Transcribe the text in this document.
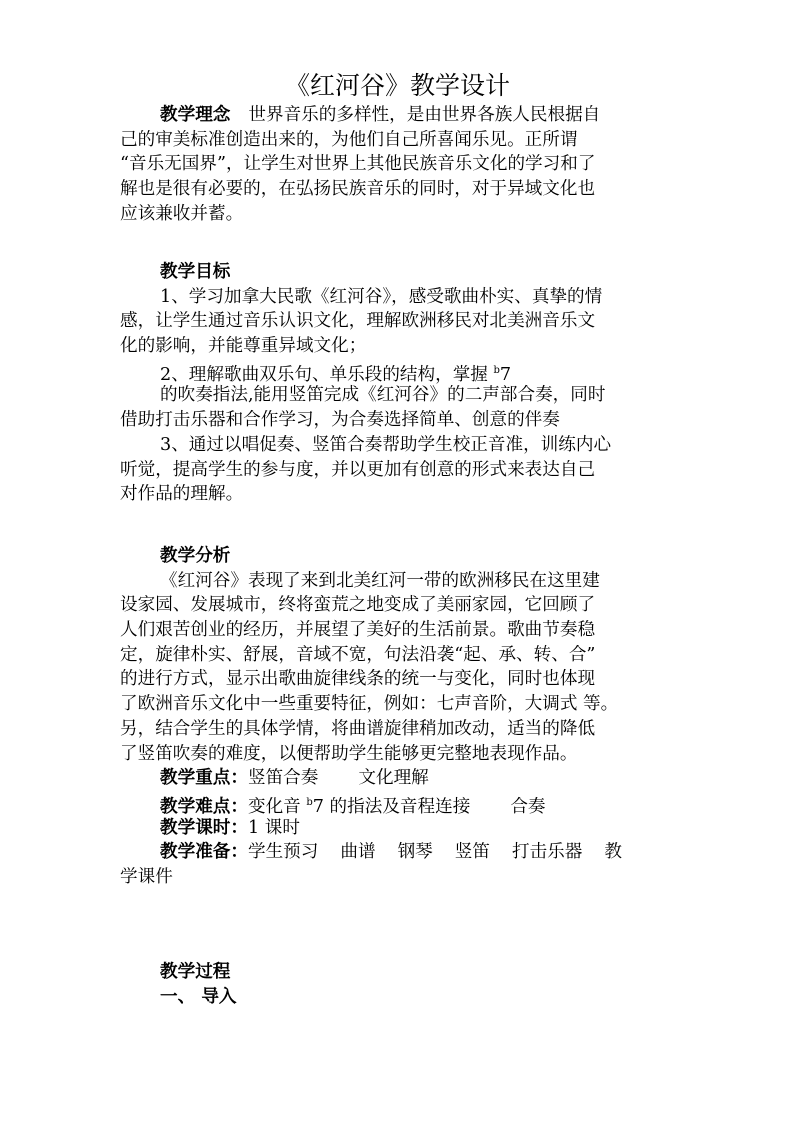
《红河谷》教学设计
教学理念 世界音乐的多样性，是由世界各族人民根据自
己的审美标准创造出来的，为他们自己所喜闻乐见。正所谓
“音乐无国界”，让学生对世界上其他民族音乐文化的学习和了
解也是很有必要的，在弘扬民族音乐的同时，对于异域文化也
应该兼收并蓄。
教学目标
1、学习加拿大民歌《红河谷》，感受歌曲朴实、真挚的情
感，让学生通过音乐认识文化，理解欧洲移民对北美洲音乐文
化的影响，并能尊重异域文化；
2、理解歌曲双乐句、单乐段的结构，掌握 $^b$7
的吹奏指法,能用竖笛完成《红河谷》的二声部合奏，同时
借助打击乐器和合作学习，为合奏选择简单、创意的伴奏
3、通过以唱促奏、竖笛合奏帮助学生校正音准，训练内心
听觉，提高学生的参与度，并以更加有创意的形式来表达自己
对作品的理解。
教学分析
《红河谷》表现了来到北美红河一带的欧洲移民在这里建
设家园、发展城市，终将蛮荒之地变成了美丽家园，它回顾了
人们艰苦创业的经历，并展望了美好的生活前景。歌曲节奏稳
定，旋律朴实、舒展，音域不宽，句法沿袭“起、承、转、合”
的进行方式，显示出歌曲旋律线条的统一与变化，同时也体现
了欧洲音乐文化中一些重要特征，例如：七声音阶，大调式 等。
另，结合学生的具体学情，将曲谱旋律稍加改动，适当的降低
了竖笛吹奏的难度，以便帮助学生能够更完整地表现作品。
教学重点：竖笛合奏 文化理解
教学难点：变化音 $^b$7 的指法及音程连接 合奏
教学课时：1 课时
教学准备：学生预习 曲谱 钢琴 竖笛 打击乐器 教
学课件
教学过程
一、 导入
